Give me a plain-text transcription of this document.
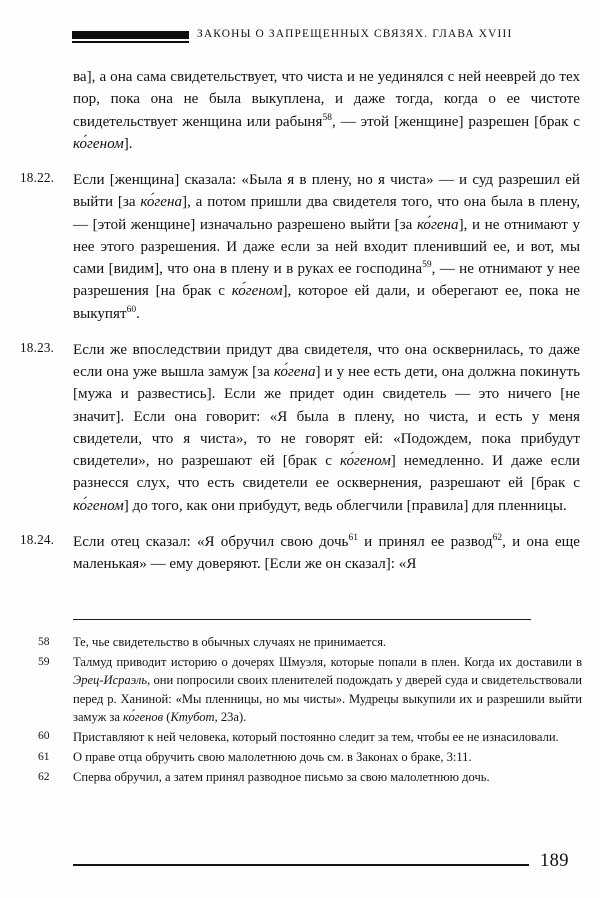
ЗАКОНЫ О ЗАПРЕЩЕННЫХ СВЯЗЯХ. ГЛАВА XVIII
ва], а она сама свидетельствует, что чиста и не уединялся с ней нееврей до тех пор, пока она не была выкуплена, и даже тогда, когда о ее чистоте свидетельствует женщина или рабыня$^{58}$, — этой [женщине] разрешен [брак с ко́геном].
18.22.	Если [женщина] сказала: «Была я в плену, но я чиста» — и суд разрешил ей выйти [за ко́гена], а потом пришли два свидетеля того, что она была в плену, — [этой женщине] изначально разрешено выйти [за ко́гена], и не отнимают у нее этого разрешения. И даже если за ней входит пленивший ее, и вот, мы сами [видим], что она в плену и в руках ее господина$^{59}$, — не отнимают у нее разрешения [на брак с ко́геном], которое ей дали, и оберегают ее, пока не выкупят$^{60}$.
18.23.	Если же впоследствии придут два свидетеля, что она осквернилась, то даже если она уже вышла замуж [за ко́гена] и у нее есть дети, она должна покинуть [мужа и развестись]. Если же придет один свидетель — это ничего [не значит]. Если она говорит: «Я была в плену, но чиста, и есть у меня свидетели, что я чиста», то не говорят ей: «Подождем, пока прибудут свидетели», но разрешают ей [брак с ко́геном] немедленно. И даже если разнесся слух, что есть свидетели ее осквернения, разрешают ей [брак с ко́геном] до того, как они прибудут, ведь облегчили [правила] для пленницы.
18.24.	Если отец сказал: «Я обручил свою дочь$^{61}$ и принял ее развод$^{62}$, и она еще маленькая» — ему доверяют. [Если же он сказал]: «Я
58	Те, чье свидетельство в обычных случаях не принимается.
59	Талмуд приводит историю о дочерях Шмуэля, которые попали в плен. Когда их доставили в Эрец-Исраэль, они попросили своих пленителей подождать у дверей суда и свидетельствовали перед р. Ханиной: «Мы пленницы, но мы чисты». Мудрецы выкупили их и разрешили выйти замуж за ко́генов (Ктубот, 23а).
60	Приставляют к ней человека, который постоянно следит за тем, чтобы ее не изнасиловали.
61	О праве отца обручить свою малолетнюю дочь см. в Законах о браке, 3:11.
62	Сперва обручил, а затем принял разводное письмо за свою малолетнюю дочь.
189
